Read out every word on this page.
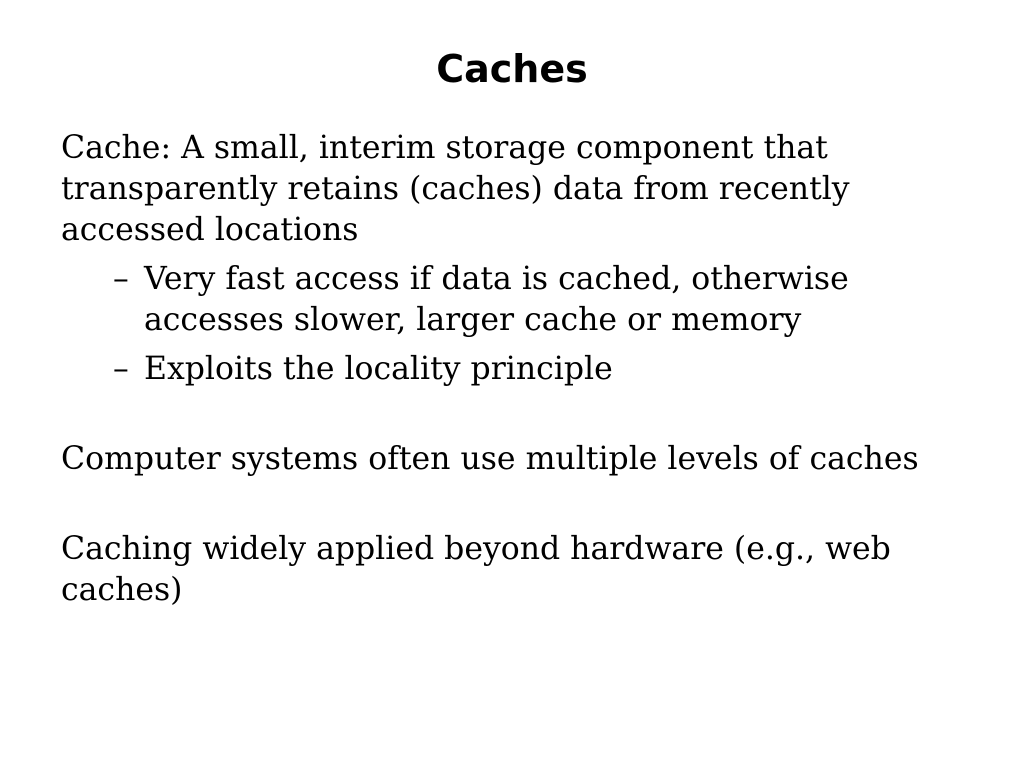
Caches

Cache: A small, interim storage component that

transparently retains (caches) data from recently

accessed locations

– Very fast access if data is cached, otherwise

accesses slower, larger cache or memory

– Exploits the locality principle

Computer systems often use multiple levels of caches

Caching widely applied beyond hardware (e.g., web

caches)
